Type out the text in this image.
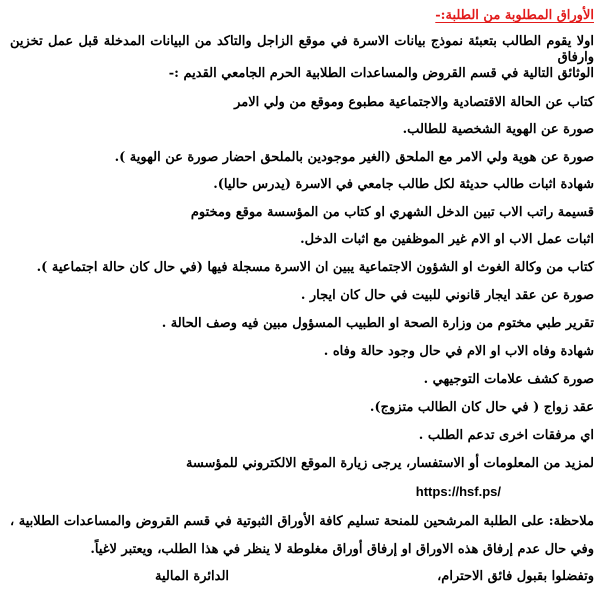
الأوراق المطلوبة من الطلبة:-
اولا يقوم الطالب بتعبئة نموذج بيانات الاسرة في موقع الزاجل والتاكد من البيانات المدخلة قبل عمل تخزين وارفاق
الوثائق التالية في قسم القروض والمساعدات الطلابية الحرم الجامعي القديم :-
كتاب عن الحالة الاقتصادية والاجتماعية مطبوع وموقع من ولي الامر
صورة عن الهوية الشخصية للطالب.
صورة عن هوية ولي الامر مع الملحق (الغير موجودين بالملحق احضار صورة عن الهوية ).
شهادة اثبات طالب حديثة لكل طالب جامعي في الاسرة (يدرس حاليا).
قسيمة راتب الاب تبين الدخل الشهري او كتاب من المؤسسة موقع ومختوم
اثبات عمل الاب او الام غير الموظفين مع اثبات الدخل.
كتاب من وكالة الغوث او الشؤون الاجتماعية يبين ان الاسرة مسجلة فيها (في حال كان حالة اجتماعية ).
صورة عن عقد ايجار قانوني للبيت في حال كان ايجار .
تقرير طبي مختوم من وزارة الصحة او الطبيب المسؤول مبين فيه وصف الحالة .
شهادة وفاه الاب او الام في حال وجود حالة وفاه .
صورة كشف علامات التوجيهي .
عقد زواج ( في حال كان الطالب متزوج).
اي مرفقات اخرى تدعم الطلب .
لمزيد من المعلومات أو الاستفسار، يرجى زيارة الموقع الالكتروني للمؤسسة
https://hsf.ps/
ملاحظة: على الطلبة المرشحين للمنحة تسليم كافة الأوراق الثبوتية في قسم القروض والمساعدات الطلابية ،
وفي حال عدم إرفاق هذه الاوراق او إرفاق أوراق مغلوطة لا ينظر في هذا الطلب، ويعتبر لاغياً.
وتفضلوا بقبول فائق الاحترام،
الدائرة المالية
